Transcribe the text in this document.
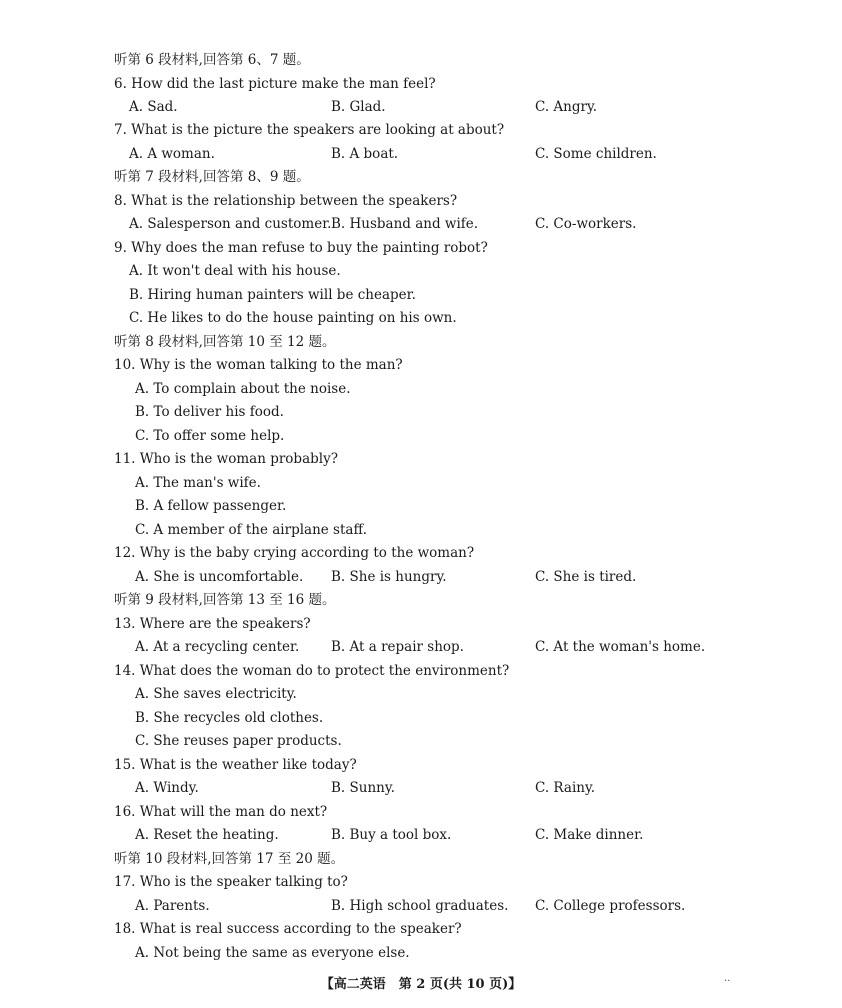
听第 6 段材料,回答第 6、7 题。
6. How did the last picture make the man feel?
A. Sad.	B. Glad.	C. Angry.
7. What is the picture the speakers are looking at about?
A. A woman.	B. A boat.	C. Some children.
听第 7 段材料,回答第 8、9 题。
8. What is the relationship between the speakers?
A. Salesperson and customer. B. Husband and wife.	C. Co-workers.
9. Why does the man refuse to buy the painting robot?
A. It won't deal with his house.
B. Hiring human painters will be cheaper.
C. He likes to do the house painting on his own.
听第 8 段材料,回答第 10 至 12 题。
10. Why is the woman talking to the man?
A. To complain about the noise.
B. To deliver his food.
C. To offer some help.
11. Who is the woman probably?
A. The man's wife.
B. A fellow passenger.
C. A member of the airplane staff.
12. Why is the baby crying according to the woman?
A. She is uncomfortable. B. She is hungry.	C. She is tired.
听第 9 段材料,回答第 13 至 16 题。
13. Where are the speakers?
A. At a recycling center. B. At a repair shop.	C. At the woman's home.
14. What does the woman do to protect the environment?
A. She saves electricity.
B. She recycles old clothes.
C. She reuses paper products.
15. What is the weather like today?
A. Windy.	B. Sunny.	C. Rainy.
16. What will the man do next?
A. Reset the heating.	B. Buy a tool box.	C. Make dinner.
听第 10 段材料,回答第 17 至 20 题。
17. Who is the speaker talking to?
A. Parents.	B. High school graduates. C. College professors.
18. What is real success according to the speaker?
A. Not being the same as everyone else.
【高二英语　第 2 页(共 10 页)】	··
